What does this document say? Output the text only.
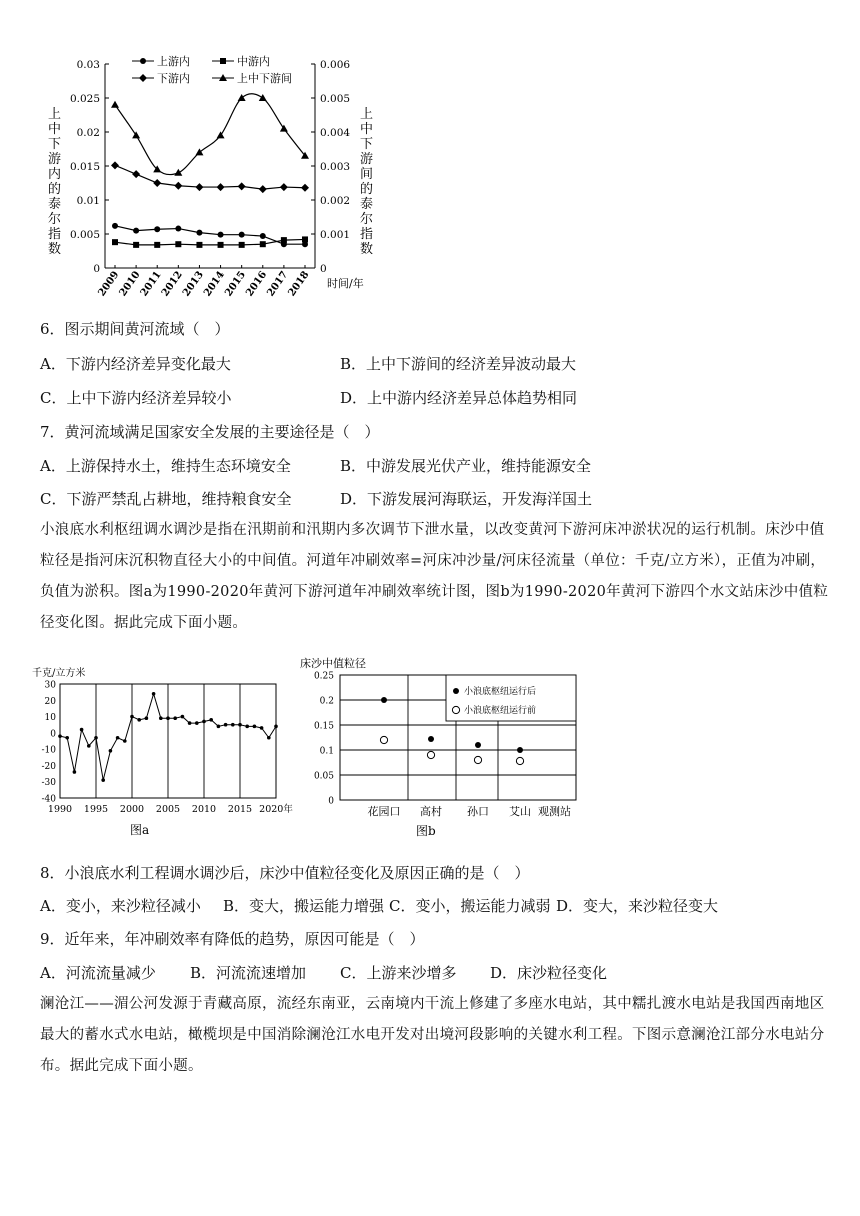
0
0.005
0.01
0.015
0.02
0.025
0.03
0
0.001
0.002
0.003
0.004
0.005
0.006
2009
2010
2011
2012
2013
2014
2015
2016
2017
2018
上游内	中游内
下游内	上中下游间
上中下游内的泰尔指数
上中下游间的泰尔指数
时间/年
6．图示期间黄河流域（　）
A．下游内经济差异变化最大	B．上中下游间的经济差异波动最大
C．上中下游内经济差异较小	D．上中游内经济差异总体趋势相同
7．黄河流域满足国家安全发展的主要途径是（　）
A．上游保持水土，维持生态环境安全	B．中游发展光伏产业，维持能源安全
C．下游严禁乱占耕地，维持粮食安全	D．下游发展河海联运，开发海洋国土
小浪底水利枢纽调水调沙是指在汛期前和汛期内多次调节下泄水量，以改变黄河下游河床冲淤状况的运行机制。床沙中值粒径是指河床沉积物直径大小的中间值。河道年冲刷效率=河床冲沙量/河床径流量（单位：千克/立方米），正值为冲刷，负值为淤积。图a为1990-2020年黄河下游河道年冲刷效率统计图，图b为1990-2020年黄河下游四个水文站床沙中值粒径变化图。据此完成下面小题。
30
20
10
0
-10
-20
-30
-40
1990 1995 2000 2005 2010 2015 2020年
千克/立方米
图a
0.25
0.2
0.15
0.1
0.05
0
花园口 高村 孙口 艾山 观测站
小浪底枢纽运行后
小浪底枢纽运行前
床沙中值粒径
图b
8．小浪底水利工程调水调沙后，床沙中值粒径变化及原因正确的是（　）
A．变小，来沙粒径减小 B．变大，搬运能力增强 C．变小，搬运能力减弱 D．变大，来沙粒径变大
9．近年来，年冲刷效率有降低的趋势，原因可能是（　）
A．河流流量减少 B．河流流速增加 C．上游来沙增多 D．床沙粒径变化
澜沧江——湄公河发源于青藏高原，流经东南亚，云南境内干流上修建了多座水电站，其中糯扎渡水电站是我国西南地区最大的蓄水式水电站，橄榄坝是中国消除澜沧江水电开发对出境河段影响的关键水利工程。下图示意澜沧江部分水电站分布。据此完成下面小题。
